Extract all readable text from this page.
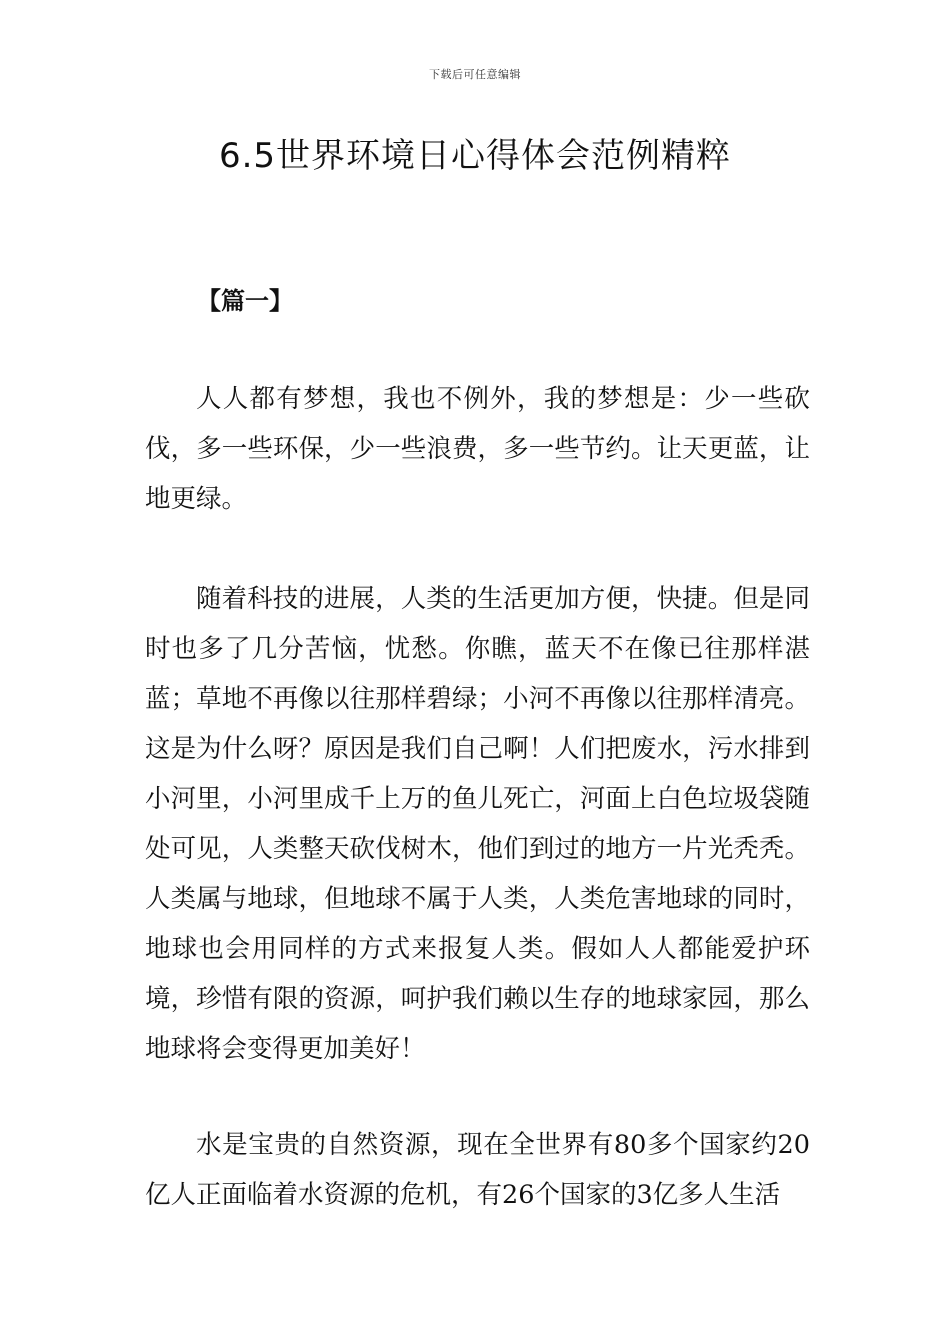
下载后可任意编辑
6.5世界环境日心得体会范例精粹
【篇一】

人人都有梦想，我也不例外，我的梦想是：少一些砍伐，多一些环保，少一些浪费，多一些节约。让天更蓝，让地更绿。

随着科技的进展，人类的生活更加方便，快捷。但是同时也多了几分苦恼，忧愁。你瞧，蓝天不在像已往那样湛蓝；草地不再像以往那样碧绿；小河不再像以往那样清亮。这是为什么呀？原因是我们自己啊！人们把废水，污水排到小河里，小河里成千上万的鱼儿死亡，河面上白色垃圾袋随处可见，人类整天砍伐树木，他们到过的地方一片光秃秃。人类属与地球，但地球不属于人类，人类危害地球的同时，地球也会用同样的方式来报复人类。假如人人都能爱护环境，珍惜有限的资源，呵护我们赖以生存的地球家园，那么地球将会变得更加美好！

水是宝贵的自然资源，现在全世界有80多个国家约20亿人正面临着水资源的危机，有26个国家的3亿多人生活
